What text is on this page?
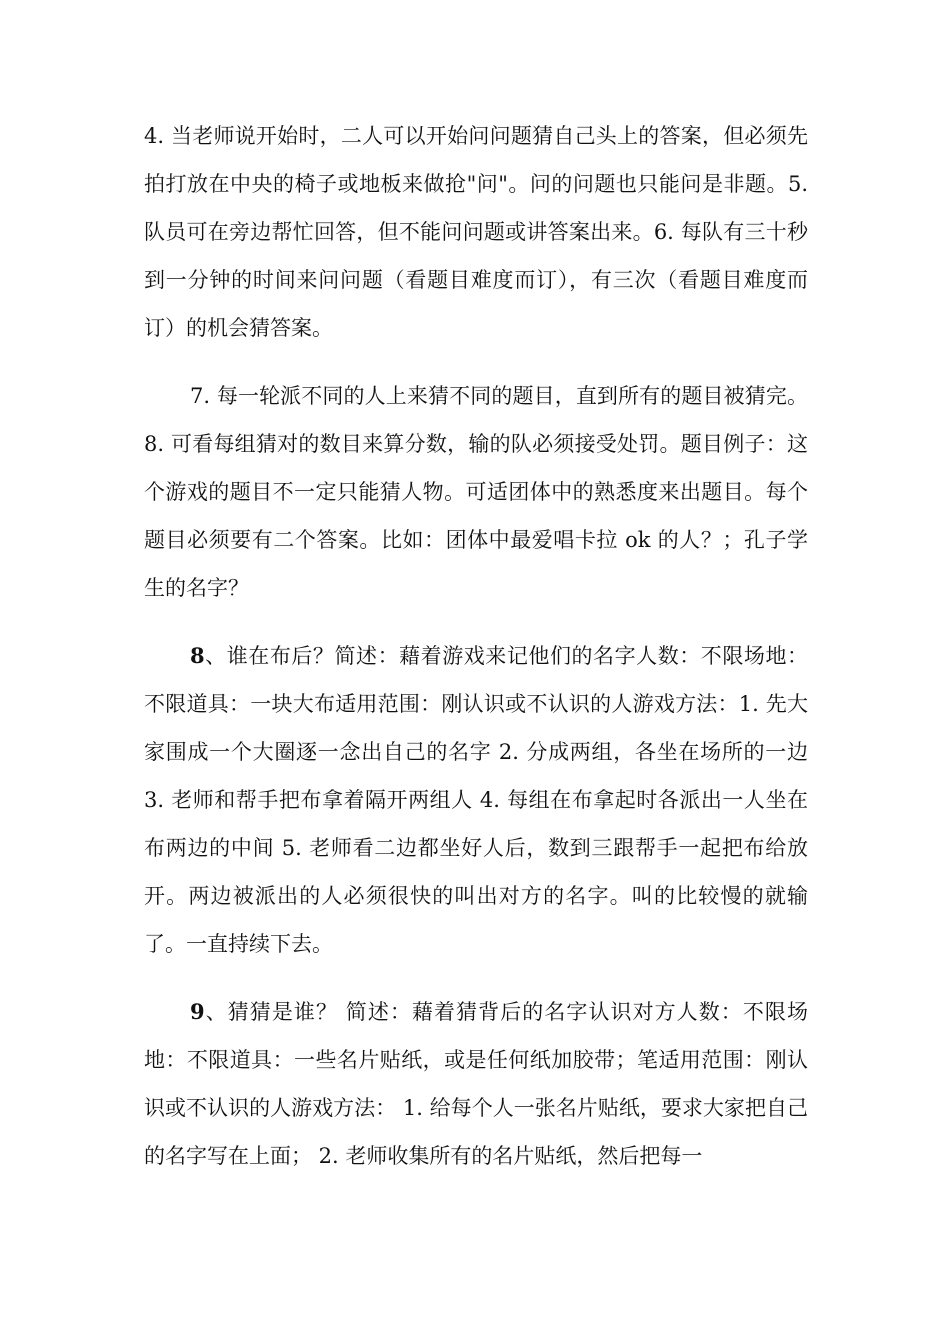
4. 当老师说开始时，二人可以开始问问题猜自己头上的答案，但必须先拍打放在中央的椅子或地板来做抢"问"。问的问题也只能问是非题。5. 队员可在旁边帮忙回答，但不能问问题或讲答案出来。6. 每队有三十秒到一分钟的时间来问问题（看题目难度而订），有三次（看题目难度而订）的机会猜答案。

7. 每一轮派不同的人上来猜不同的题目，直到所有的题目被猜完。8. 可看每组猜对的数目来算分数，输的队必须接受处罚。题目例子：这个游戏的题目不一定只能猜人物。可适团体中的熟悉度来出题目。每个题目必须要有二个答案。比如：团体中最爱唱卡拉 ok 的人？；孔子学生的名字？

8、谁在布后？简述：藉着游戏来记他们的名字人数：不限场地：不限道具：一块大布适用范围：刚认识或不认识的人游戏方法：1. 先大家围成一个大圈逐一念出自己的名字 2. 分成两组，各坐在场所的一边 3. 老师和帮手把布拿着隔开两组人 4. 每组在布拿起时各派出一人坐在布两边的中间 5. 老师看二边都坐好人后，数到三跟帮手一起把布给放开。两边被派出的人必须很快的叫出对方的名字。叫的比较慢的就输了。一直持续下去。

9、猜猜是谁？ 简述：藉着猜背后的名字认识对方人数：不限场地：不限道具：一些名片贴纸，或是任何纸加胶带；笔适用范围：刚认识或不认识的人游戏方法： 1. 给每个人一张名片贴纸，要求大家把自己的名字写在上面； 2. 老师收集所有的名片贴纸，然后把每一
